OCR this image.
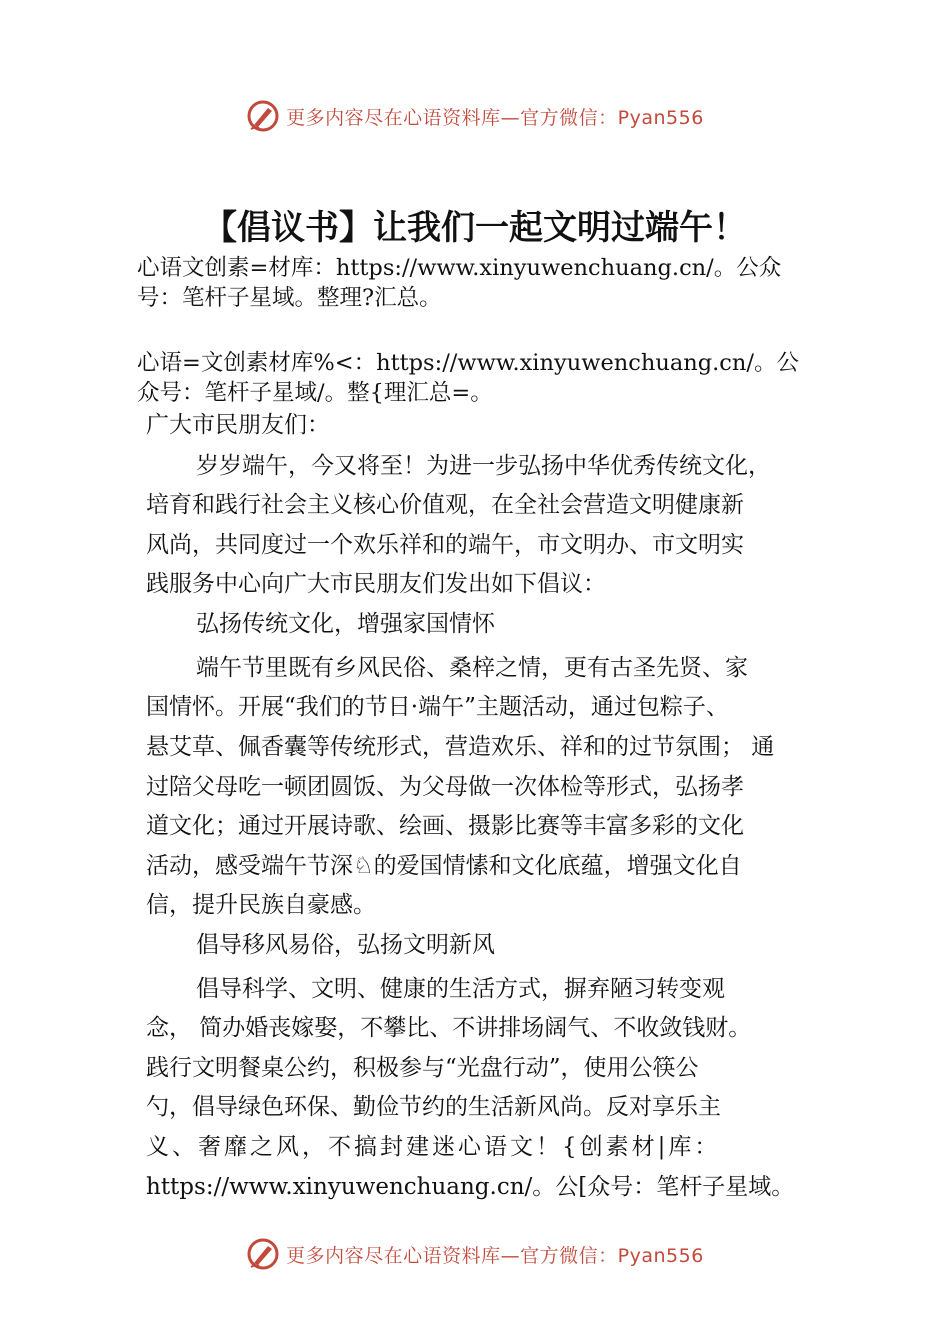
更多内容尽在心语资料库—官方微信：Pyan556
【倡议书】让我们一起文明过端午！
心语文创素=材库：https://www.xinyuwenchuang.cn/。公众
号：笔杆子星域。整理?汇总。
心语=文创素材库%<：https://www.xinyuwenchuang.cn/。公
众号：笔杆子星域/。整{理汇总=。
广大市民朋友们：
岁岁端午，今又将至！为进一步弘扬中华优秀传统文化，
培育和践行社会主义核心价值观，在全社会营造文明健康新
风尚，共同度过一个欢乐祥和的端午，市文明办、市文明实
践服务中心向广大市民朋友们发出如下倡议：
弘扬传统文化，增强家国情怀
端午节里既有乡风民俗、桑梓之情，更有古圣先贤、家
国情怀。开展“我们的节日·端午”主题活动，通过包粽子、
悬艾草、佩香囊等传统形式，营造欢乐、祥和的过节氛围； 通
过陪父母吃一顿团圆饭、为父母做一次体检等形式，弘扬孝
道文化；通过开展诗歌、绘画、摄影比赛等丰富多彩的文化
活动，感受端午节深♘的爱国情愫和文化底蕴，增强文化自
信，提升民族自豪感。
倡导移风易俗，弘扬文明新风
倡导科学、文明、健康的生活方式，摒弃陋习转变观
念， 简办婚丧嫁娶，不攀比、不讲排场阔气、不收敛钱财。
践行文明餐桌公约，积极参与“光盘行动”，使用公筷公
勺，倡导绿色环保、勤俭节约的生活新风尚。反对享乐主
义、奢靡之风，不搞封建迷心语文！{创素材|库：
https://www.xinyuwenchuang.cn/。公[众号：笔杆子星域。
更多内容尽在心语资料库—官方微信：Pyan556
